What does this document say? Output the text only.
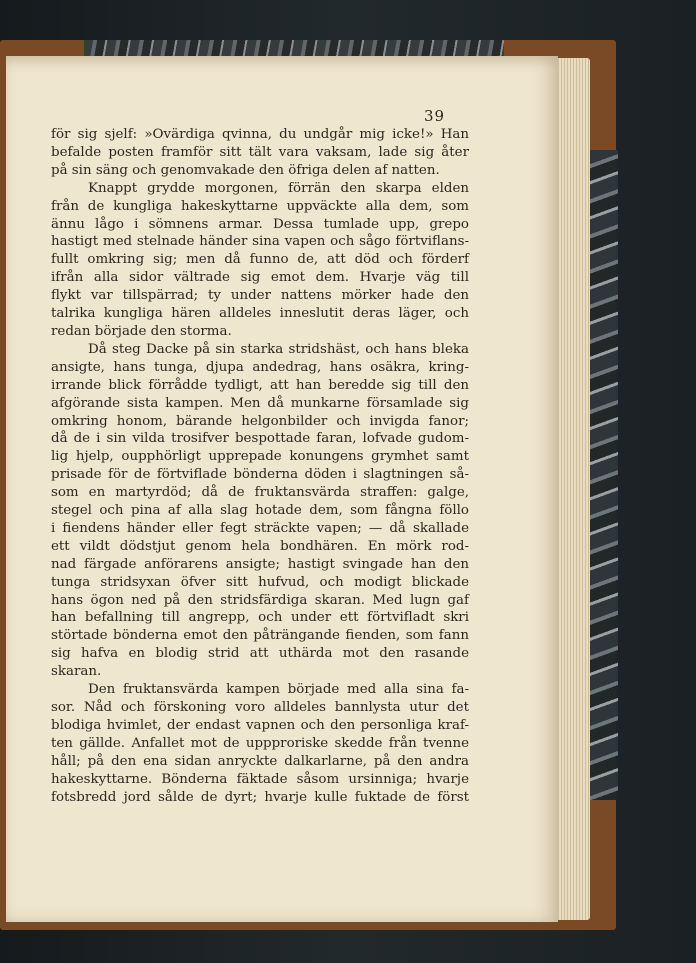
39
för sig sjelf: »Ovärdiga qvinna, du undgår mig icke!» Han
befalde posten framför sitt tält vara vaksam, lade sig åter
på sin säng och genomvakade den öfriga delen af natten.
Knappt grydde morgonen, förrän den skarpa elden
från de kungliga hakeskyttarne uppväckte alla dem, som
ännu lågo i sömnens armar. Dessa tumlade upp, grepo
hastigt med stelnade händer sina vapen och sågo förtviflans-
fullt omkring sig; men då funno de, att död och förderf
ifrån alla sidor vältrade sig emot dem. Hvarje väg till
flykt var tillspärrad; ty under nattens mörker hade den
talrika kungliga hären alldeles inneslutit deras läger, och
redan började den storma.
Då steg Dacke på sin starka stridshäst, och hans bleka
ansigte, hans tunga, djupa andedrag, hans osäkra, kring-
irrande blick förrådde tydligt, att han beredde sig till den
afgörande sista kampen. Men då munkarne församlade sig
omkring honom, bärande helgonbilder och invigda fanor;
då de i sin vilda trosifver bespottade faran, lofvade gudom-
lig hjelp, oupphörligt upprepade konungens grymhet samt
prisade för de förtviflade bönderna döden i slagtningen så-
som en martyrdöd; då de fruktansvärda straffen: galge,
stegel och pina af alla slag hotade dem, som fångna föllo
i fiendens händer eller fegt sträckte vapen; — då skallade
ett vildt dödstjut genom hela bondhären. En mörk rod-
nad färgade anförarens ansigte; hastigt svingade han den
tunga stridsyxan öfver sitt hufvud, och modigt blickade
hans ögon ned på den stridsfärdiga skaran. Med lugn gaf
han befallning till angrepp, och under ett förtvifladt skri
störtade bönderna emot den påträngande fienden, som fann
sig hafva en blodig strid att uthärda mot den rasande
skaran.
Den fruktansvärda kampen började med alla sina fa-
sor. Nåd och förskoning voro alldeles bannlysta utur det
blodiga hvimlet, der endast vapnen och den personliga kraf-
ten gällde. Anfallet mot de uppproriske skedde från tvenne
håll; på den ena sidan anryckte dalkarlarne, på den andra
hakeskyttarne. Bönderna fäktade såsom ursinniga; hvarje
fotsbredd jord sålde de dyrt; hvarje kulle fuktade de först
